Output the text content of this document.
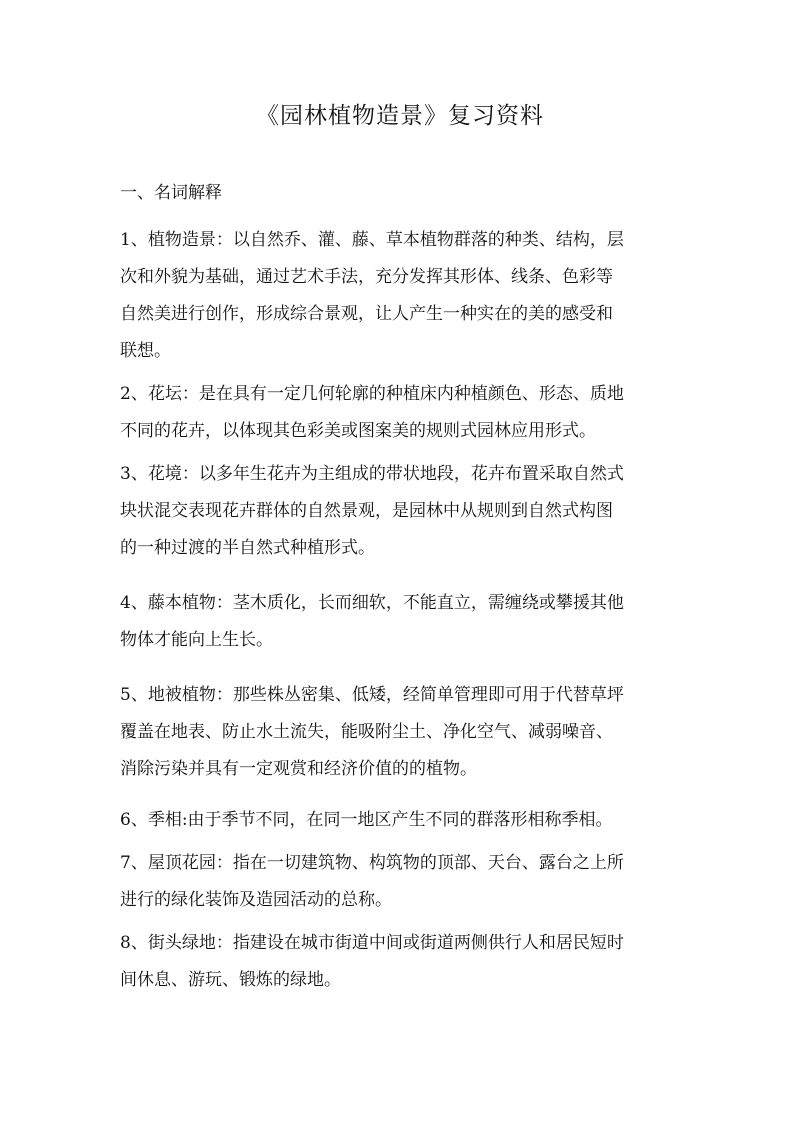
《园林植物造景》复习资料
一、名词解释
1、植物造景：以自然乔、灌、藤、草本植物群落的种类、结构，层
次和外貌为基础，通过艺术手法，充分发挥其形体、线条、色彩等
自然美进行创作，形成综合景观，让人产生一种实在的美的感受和
联想。
2、花坛：是在具有一定几何轮廓的种植床内种植颜色、形态、质地
不同的花卉，以体现其色彩美或图案美的规则式园林应用形式。
3、花境：以多年生花卉为主组成的带状地段，花卉布置采取自然式
块状混交表现花卉群体的自然景观，是园林中从规则到自然式构图
的一种过渡的半自然式种植形式。
4、藤本植物：茎木质化，长而细软，不能直立，需缠绕或攀援其他
物体才能向上生长。
5、地被植物：那些株丛密集、低矮，经简单管理即可用于代替草坪
覆盖在地表、防止水土流失，能吸附尘土、净化空气、减弱噪音、
消除污染并具有一定观赏和经济价值的的植物。
6、季相:由于季节不同，在同一地区产生不同的群落形相称季相。
7、屋顶花园：指在一切建筑物、构筑物的顶部、天台、露台之上所
进行的绿化装饰及造园活动的总称。
8、街头绿地：指建设在城市街道中间或街道两侧供行人和居民短时
间休息、游玩、锻炼的绿地。
